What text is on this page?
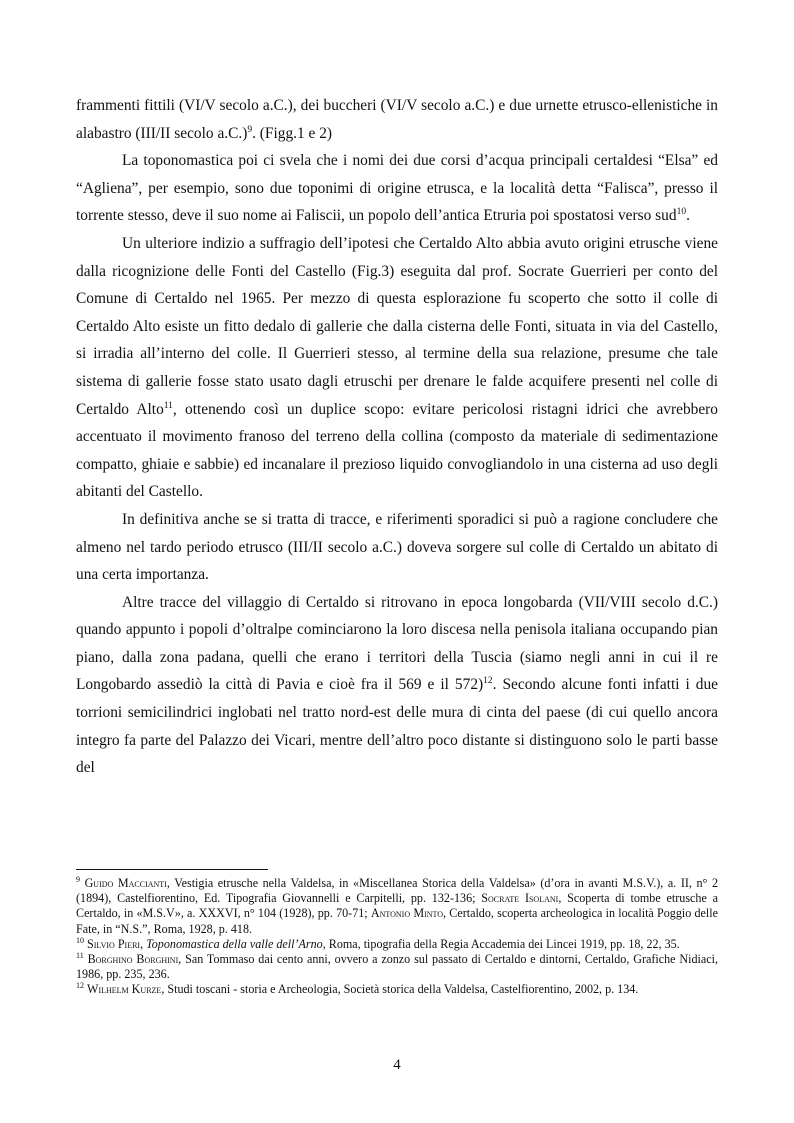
frammenti fittili (VI/V secolo a.C.), dei buccheri (VI/V secolo a.C.) e due urnette etrusco-ellenistiche in alabastro (III/II secolo a.C.)$^9$. (Figg.1 e 2)

La toponomastica poi ci svela che i nomi dei due corsi d’acqua principali certaldesi “Elsa” ed “Agliena”, per esempio, sono due toponimi di origine etrusca, e la località detta “Falisca”, presso il torrente stesso, deve il suo nome ai Faliscii, un popolo dell’antica Etruria poi spostatosi verso sud$^{10}$.

Un ulteriore indizio a suffragio dell’ipotesi che Certaldo Alto abbia avuto origini etrusche viene dalla ricognizione delle Fonti del Castello (Fig.3) eseguita dal prof. Socrate Guerrieri per conto del Comune di Certaldo nel 1965. Per mezzo di questa esplorazione fu scoperto che sotto il colle di Certaldo Alto esiste un fitto dedalo di gallerie che dalla cisterna delle Fonti, situata in via del Castello, si irradia all’interno del colle. Il Guerrieri stesso, al termine della sua relazione, presume che tale sistema di gallerie fosse stato usato dagli etruschi per drenare le falde acquifere presenti nel colle di Certaldo Alto$^{11}$, ottenendo così un duplice scopo: evitare pericolosi ristagni idrici che avrebbero accentuato il movimento franoso del terreno della collina (composto da materiale di sedimentazione compatto, ghiaie e sabbie) ed incanalare il prezioso liquido convogliandolo in una cisterna ad uso degli abitanti del Castello.

In definitiva anche se si tratta di tracce, e riferimenti sporadici si può a ragione concludere che almeno nel tardo periodo etrusco (III/II secolo a.C.) doveva sorgere sul colle di Certaldo un abitato di una certa importanza.

Altre tracce del villaggio di Certaldo si ritrovano in epoca longobarda (VII/VIII secolo d.C.) quando appunto i popoli d’oltralpe cominciarono la loro discesa nella penisola italiana occupando pian piano, dalla zona padana, quelli che erano i territori della Tuscia (siamo negli anni in cui il re Longobardo assediò la città di Pavia e cioè fra il 569 e il 572)$^{12}$. Secondo alcune fonti infatti i due torrioni semicilindrici inglobati nel tratto nord-est delle mura di cinta del paese (di cui quello ancora integro fa parte del Palazzo dei Vicari, mentre dell’altro poco distante si distinguono solo le parti basse del

$^9$ Guido Maccianti, Vestigia etrusche nella Valdelsa, in «Miscellanea Storica della Valdelsa» (d’ora in avanti M.S.V.), a. II, n° 2 (1894), Castelfiorentino, Ed. Tipografia Giovannelli e Carpitelli, pp. 132-136; Socrate Isolani, Scoperta di tombe etrusche a Certaldo, in «M.S.V», a. XXXVI, n° 104 (1928), pp. 70-71; Antonio Minto, Certaldo, scoperta archeologica in località Poggio delle Fate, in “N.S.”, Roma, 1928, p. 418.

$^{10}$ Silvio Pieri, Toponomastica della valle dell’Arno, Roma, tipografia della Regia Accademia dei Lincei 1919, pp. 18, 22, 35.

$^{11}$ Borghino Borghini, San Tommaso dai cento anni, ovvero a zonzo sul passato di Certaldo e dintorni, Certaldo, Grafiche Nidiaci, 1986, pp. 235, 236.

$^{12}$ Wilhelm Kurze, Studi toscani - storia e Archeologia, Società storica della Valdelsa, Castelfiorentino, 2002, p. 134.

4
